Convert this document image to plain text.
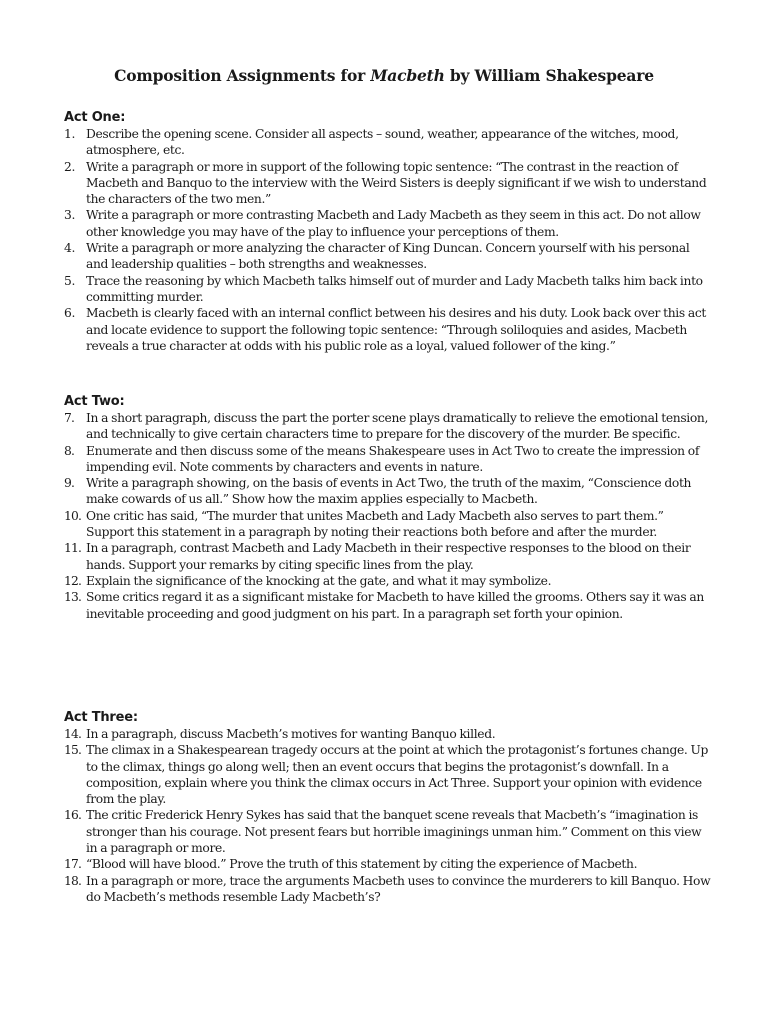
Composition Assignments for Macbeth by William Shakespeare
Act One:
1. Describe the opening scene. Consider all aspects – sound, weather, appearance of the witches, mood, atmosphere, etc.
2. Write a paragraph or more in support of the following topic sentence: “The contrast in the reaction of Macbeth and Banquo to the interview with the Weird Sisters is deeply significant if we wish to understand the characters of the two men.”
3. Write a paragraph or more contrasting Macbeth and Lady Macbeth as they seem in this act. Do not allow other knowledge you may have of the play to influence your perceptions of them.
4. Write a paragraph or more analyzing the character of King Duncan. Concern yourself with his personal and leadership qualities – both strengths and weaknesses.
5. Trace the reasoning by which Macbeth talks himself out of murder and Lady Macbeth talks him back into committing murder.
6. Macbeth is clearly faced with an internal conflict between his desires and his duty. Look back over this act and locate evidence to support the following topic sentence: “Through soliloquies and asides, Macbeth reveals a true character at odds with his public role as a loyal, valued follower of the king.”
Act Two:
7. In a short paragraph, discuss the part the porter scene plays dramatically to relieve the emotional tension, and technically to give certain characters time to prepare for the discovery of the murder. Be specific.
8. Enumerate and then discuss some of the means Shakespeare uses in Act Two to create the impression of impending evil. Note comments by characters and events in nature.
9. Write a paragraph showing, on the basis of events in Act Two, the truth of the maxim, “Conscience doth make cowards of us all.” Show how the maxim applies especially to Macbeth.
10. One critic has said, “The murder that unites Macbeth and Lady Macbeth also serves to part them.” Support this statement in a paragraph by noting their reactions both before and after the murder.
11. In a paragraph, contrast Macbeth and Lady Macbeth in their respective responses to the blood on their hands. Support your remarks by citing specific lines from the play.
12. Explain the significance of the knocking at the gate, and what it may symbolize.
13. Some critics regard it as a significant mistake for Macbeth to have killed the grooms. Others say it was an inevitable proceeding and good judgment on his part. In a paragraph set forth your opinion.
Act Three:
14. In a paragraph, discuss Macbeth’s motives for wanting Banquo killed.
15. The climax in a Shakespearean tragedy occurs at the point at which the protagonist’s fortunes change. Up to the climax, things go along well; then an event occurs that begins the protagonist’s downfall. In a composition, explain where you think the climax occurs in Act Three. Support your opinion with evidence from the play.
16. The critic Frederick Henry Sykes has said that the banquet scene reveals that Macbeth’s “imagination is stronger than his courage. Not present fears but horrible imaginings unman him.” Comment on this view in a paragraph or more.
17. “Blood will have blood.” Prove the truth of this statement by citing the experience of Macbeth.
18. In a paragraph or more, trace the arguments Macbeth uses to convince the murderers to kill Banquo. How do Macbeth’s methods resemble Lady Macbeth’s?
